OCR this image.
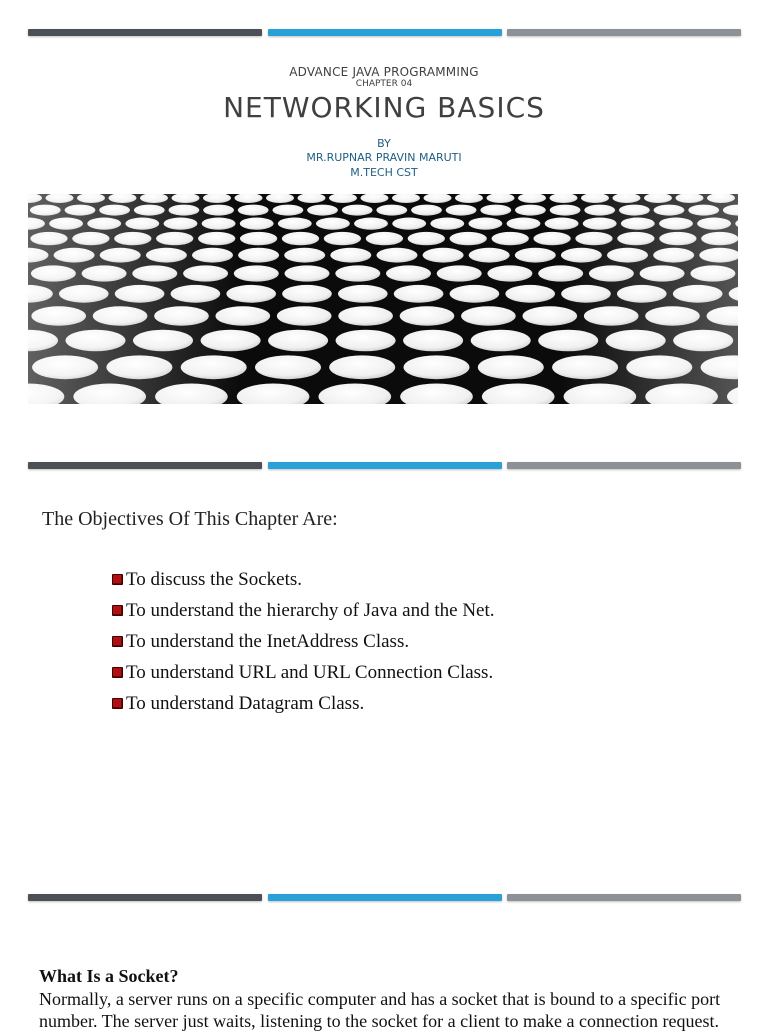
ADVANCE JAVA PROGRAMMING
CHAPTER 04
NETWORKING BASICS
BY
MR.RUPNAR PRAVIN MARUTI
M.TECH CST
The Objectives Of This Chapter Are:
To discuss the Sockets.
To understand the hierarchy of Java and the Net.
To understand the InetAddress Class.
To understand URL and URL Connection Class.
To understand Datagram Class.
What Is a Socket?
Normally, a server runs on a specific computer and has a socket that is bound to a specific port number. The server just waits, listening to the socket for a client to make a connection request.
